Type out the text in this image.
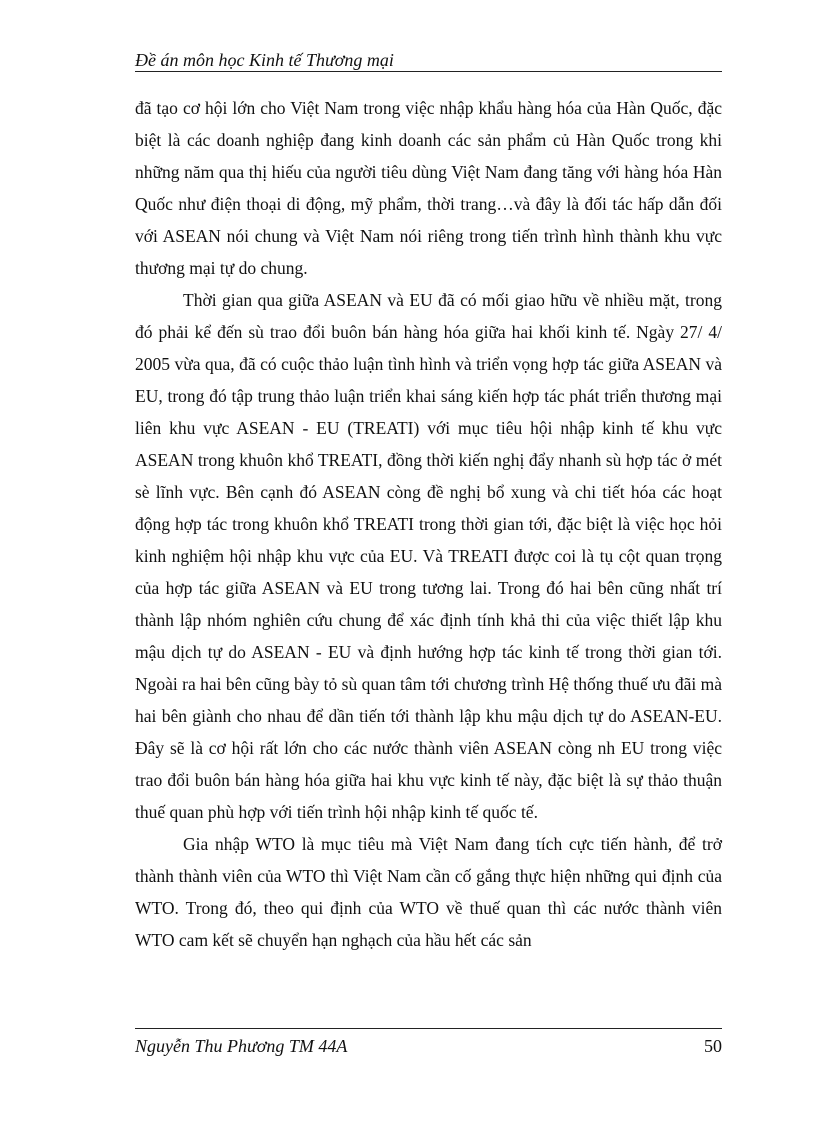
Đề án môn học Kinh tế Thương mại

đã tạo cơ hội lớn cho Việt Nam trong việc nhập khẩu hàng hóa của Hàn Quốc, đặc biệt là các doanh nghiệp đang kinh doanh các sản phẩm củ Hàn Quốc trong khi những năm qua thị hiếu của người tiêu dùng Việt Nam đang tăng với hàng hóa Hàn Quốc như điện thoại di động, mỹ phẩm, thời trang…và đây là đối tác hấp dẫn đối với ASEAN nói chung và Việt Nam nói riêng trong tiến trình hình thành khu vực thương mại tự do chung.

Thời gian qua giữa ASEAN và EU đã có mối giao hữu về nhiều mặt, trong đó phải kể đến sù trao đổi buôn bán hàng hóa giữa hai khối kinh tế. Ngày 27/ 4/ 2005 vừa qua, đã có cuộc thảo luận tình hình và triển vọng hợp tác giữa ASEAN và EU, trong đó tập trung thảo luận triển khai sáng kiến hợp tác phát triển thương mại liên khu vực ASEAN - EU (TREATI) với mục tiêu hội nhập kinh tế khu vực ASEAN trong khuôn khổ TREATI, đồng thời kiến nghị đẩy nhanh sù hợp tác ở mét sè lĩnh vực. Bên cạnh đó ASEAN còng đề nghị bổ xung và chi tiết hóa các hoạt động hợp tác trong khuôn khổ TREATI trong thời gian tới, đặc biệt là việc học hỏi kinh nghiệm hội nhập khu vực của EU. Và TREATI được coi là tụ cột quan trọng của hợp tác giữa ASEAN và EU trong tương lai. Trong đó hai bên cũng nhất trí thành lập nhóm nghiên cứu chung để xác định tính khả thi của việc thiết lập khu mậu dịch tự do ASEAN - EU và định hướng hợp tác kinh tế trong thời gian tới. Ngoài ra hai bên cũng bày tỏ sù quan tâm tới chương trình Hệ thống thuế ưu đãi mà hai bên giành cho nhau để dần tiến tới thành lập khu mậu dịch tự do ASEAN-EU. Đây sẽ là cơ hội rất lớn cho các nước thành viên ASEAN còng nh EU trong việc trao đổi buôn bán hàng hóa giữa hai khu vực kinh tế này, đặc biệt là sự thảo thuận thuế quan phù hợp với tiến trình hội nhập kinh tế quốc tế.

Gia nhập WTO là mục tiêu mà Việt Nam đang tích cực tiến hành, để trở thành thành viên của WTO thì Việt Nam cần cố gắng thực hiện những qui định của WTO. Trong đó, theo qui định của WTO về thuế quan thì các nước thành viên WTO cam kết sẽ chuyển hạn nghạch của hầu hết các sản

Nguyễn Thu Phương TM 44A	50
